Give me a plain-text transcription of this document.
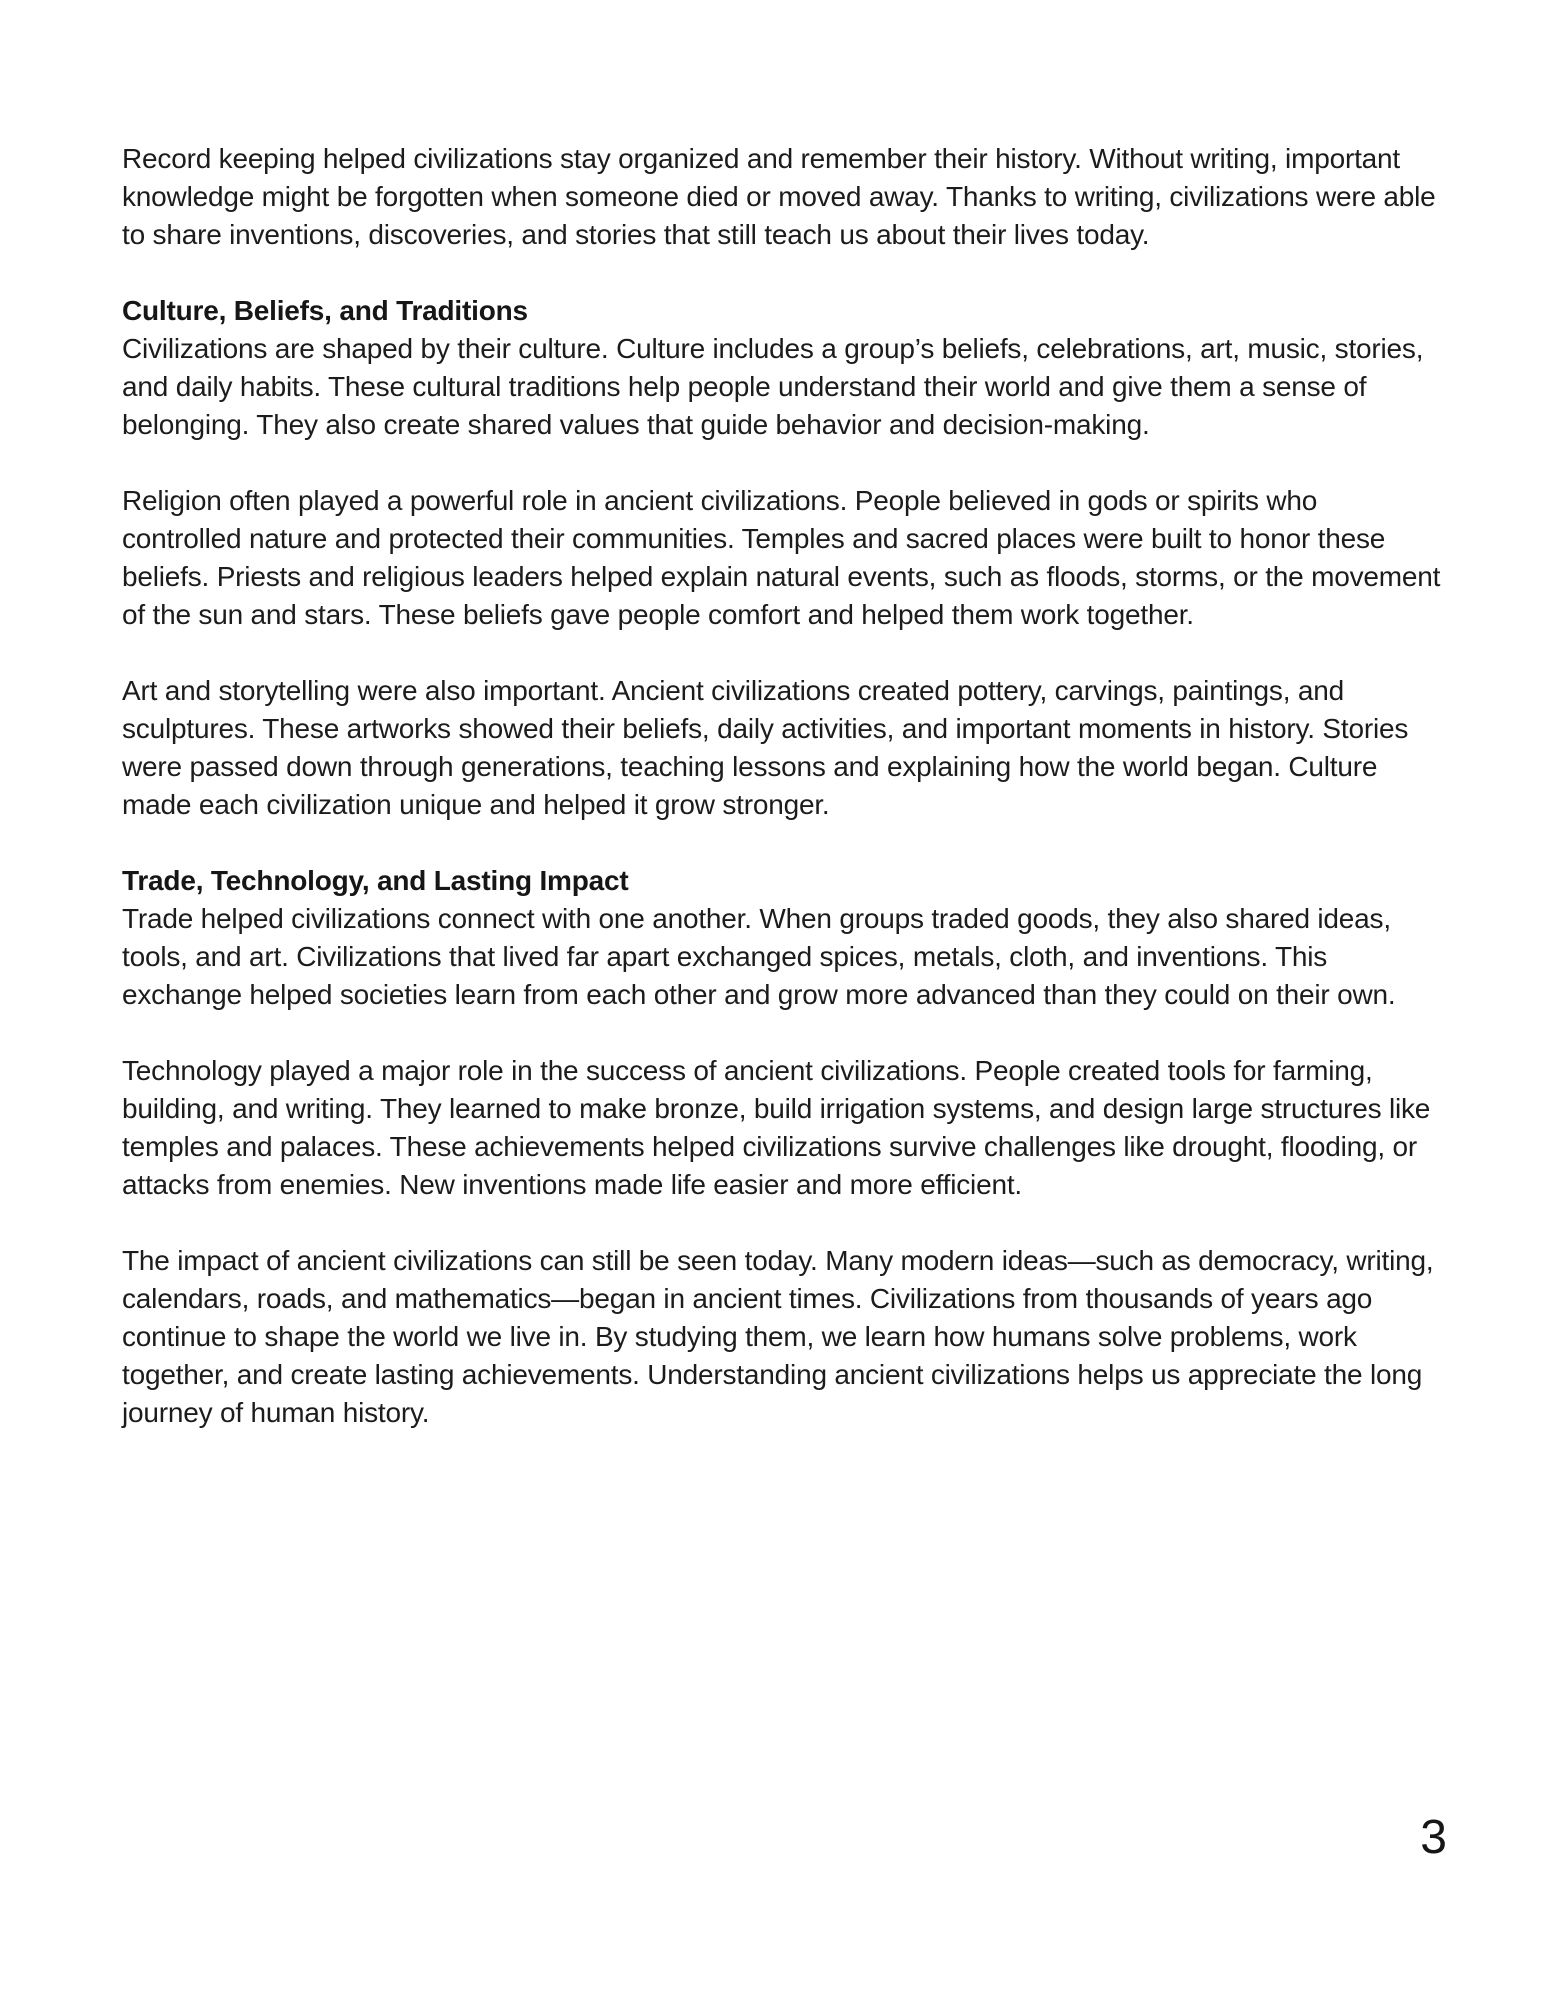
Record keeping helped civilizations stay organized and remember their history. Without writing, important knowledge might be forgotten when someone died or moved away. Thanks to writing, civilizations were able to share inventions, discoveries, and stories that still teach us about their lives today.

Culture, Beliefs, and Traditions

Civilizations are shaped by their culture. Culture includes a group’s beliefs, celebrations, art, music, stories, and daily habits. These cultural traditions help people understand their world and give them a sense of belonging. They also create shared values that guide behavior and decision-making.

Religion often played a powerful role in ancient civilizations. People believed in gods or spirits who controlled nature and protected their communities. Temples and sacred places were built to honor these beliefs. Priests and religious leaders helped explain natural events, such as floods, storms, or the movement of the sun and stars. These beliefs gave people comfort and helped them work together.

Art and storytelling were also important. Ancient civilizations created pottery, carvings, paintings, and sculptures. These artworks showed their beliefs, daily activities, and important moments in history. Stories were passed down through generations, teaching lessons and explaining how the world began. Culture made each civilization unique and helped it grow stronger.

Trade, Technology, and Lasting Impact

Trade helped civilizations connect with one another. When groups traded goods, they also shared ideas, tools, and art. Civilizations that lived far apart exchanged spices, metals, cloth, and inventions. This exchange helped societies learn from each other and grow more advanced than they could on their own.

Technology played a major role in the success of ancient civilizations. People created tools for farming, building, and writing. They learned to make bronze, build irrigation systems, and design large structures like temples and palaces. These achievements helped civilizations survive challenges like drought, flooding, or attacks from enemies. New inventions made life easier and more efficient.

The impact of ancient civilizations can still be seen today. Many modern ideas—such as democracy, writing, calendars, roads, and mathematics—began in ancient times. Civilizations from thousands of years ago continue to shape the world we live in. By studying them, we learn how humans solve problems, work together, and create lasting achievements. Understanding ancient civilizations helps us appreciate the long journey of human history.

3
